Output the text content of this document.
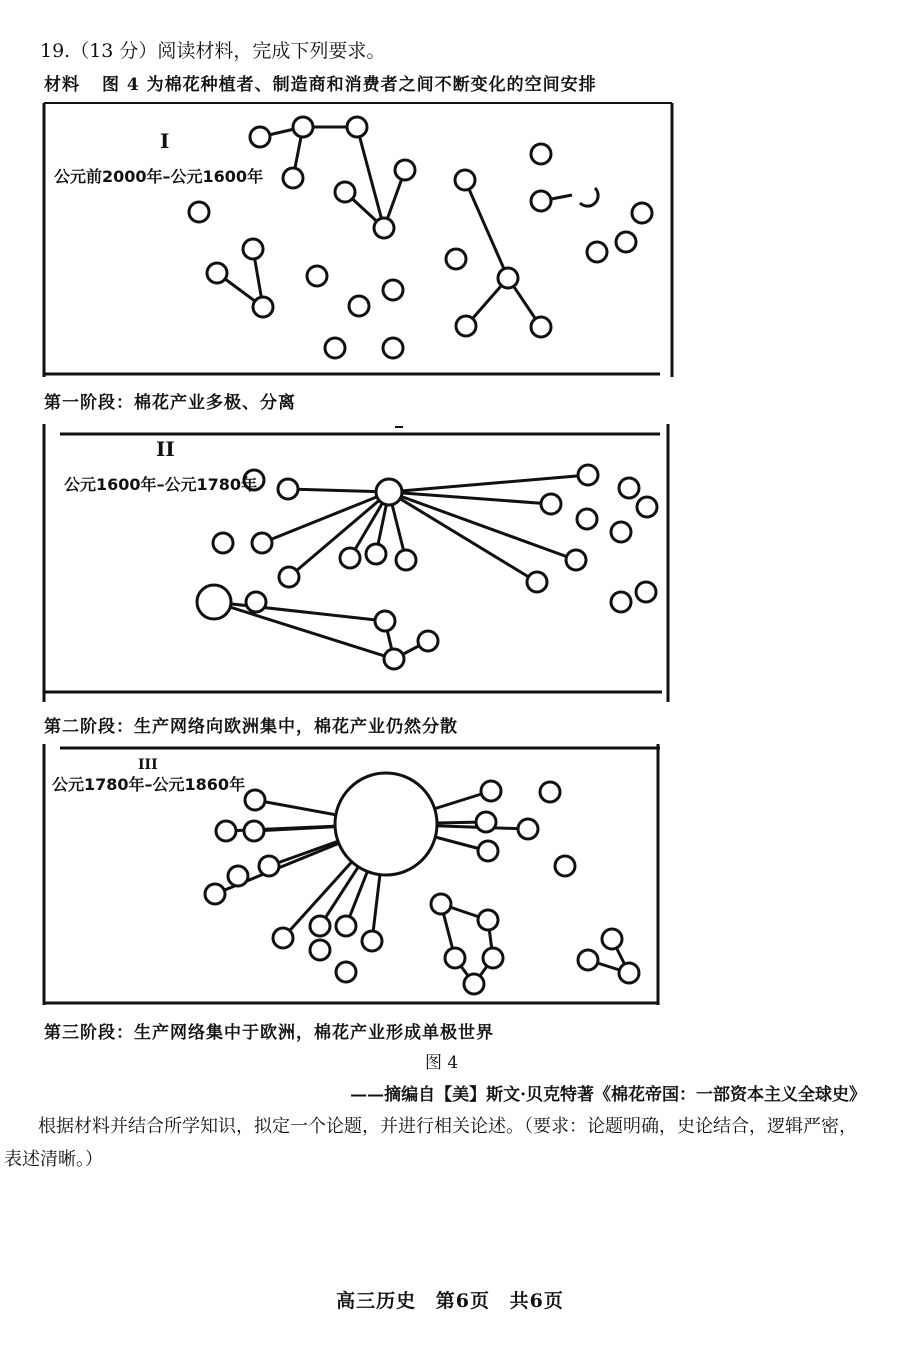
19.（13 分）阅读材料，完成下列要求。

材料 图 4 为棉花种植者、制造商和消费者之间不断变化的空间安排

I
公元前2000年–公元1600年

第一阶段：棉花产业多极、分离

II
公元1600年–公元1780年

第二阶段：生产网络向欧洲集中，棉花产业仍然分散

III
公元1780年–公元1860年

第三阶段：生产网络集中于欧洲，棉花产业形成单极世界

图 4

——摘编自【美】斯文·贝克特著《棉花帝国：一部资本主义全球史》

根据材料并结合所学知识，拟定一个论题，并进行相关论述。（要求：论题明确，史论结合，逻辑严密，表述清晰。）

高三历史 第6页 共6页
